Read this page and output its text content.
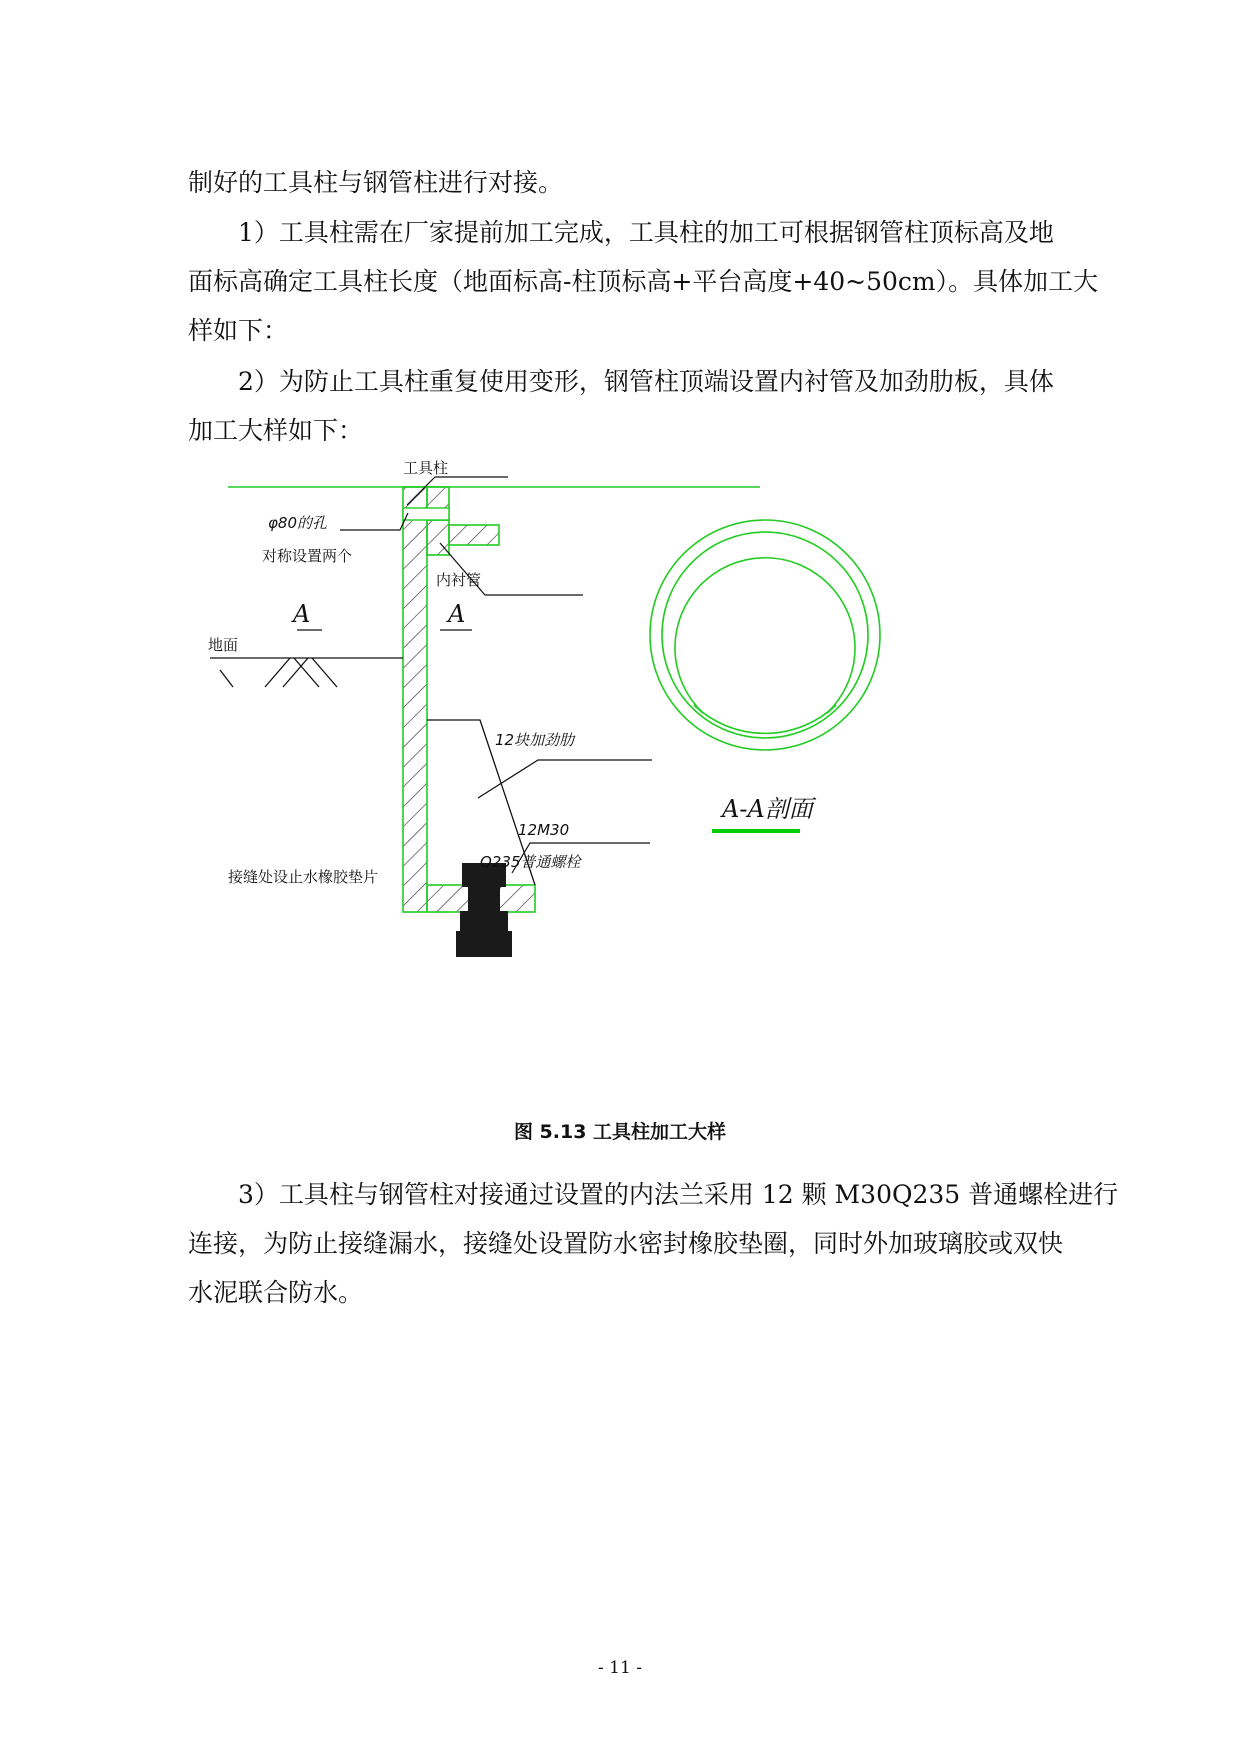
制好的工具柱与钢管柱进行对接。
1）工具柱需在厂家提前加工完成，工具柱的加工可根据钢管柱顶标高及地
面标高确定工具柱长度（地面标高-柱顶标高+平台高度+40~50cm）。具体加工大
样如下：
2）为防止工具柱重复使用变形，钢管柱顶端设置内衬管及加劲肋板，具体
加工大样如下：
工具柱
φ80的孔
对称设置两个
内衬管
A	A
地面
12块加劲肋
12M30
Q235普通螺栓
接缝处设止水橡胶垫片
A-A剖面
图 5.13 工具柱加工大样
3）工具柱与钢管柱对接通过设置的内法兰采用 12 颗 M30Q235 普通螺栓进行
连接，为防止接缝漏水，接缝处设置防水密封橡胶垫圈，同时外加玻璃胶或双快
水泥联合防水。
- 11 -
